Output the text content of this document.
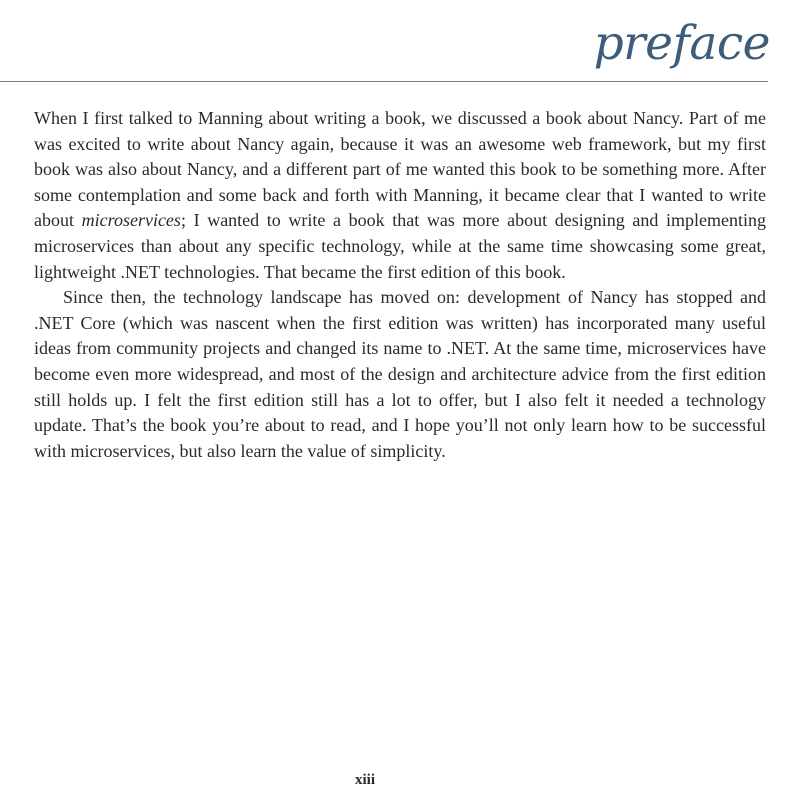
preface

When I first talked to Manning about writing a book, we discussed a book about Nancy. Part of me was excited to write about Nancy again, because it was an awesome web framework, but my first book was also about Nancy, and a different part of me wanted this book to be something more. After some contemplation and some back and forth with Manning, it became clear that I wanted to write about microservices; I wanted to write a book that was more about designing and implementing microservices than about any specific technology, while at the same time showcasing some great, lightweight .NET technologies. That became the first edition of this book.

Since then, the technology landscape has moved on: development of Nancy has stopped and .NET Core (which was nascent when the first edition was written) has incorporated many useful ideas from community projects and changed its name to .NET. At the same time, microservices have become even more widespread, and most of the design and architecture advice from the first edition still holds up. I felt the first edition still has a lot to offer, but I also felt it needed a technology update. That’s the book you’re about to read, and I hope you’ll not only learn how to be successful with microservices, but also learn the value of simplicity.

xiii
